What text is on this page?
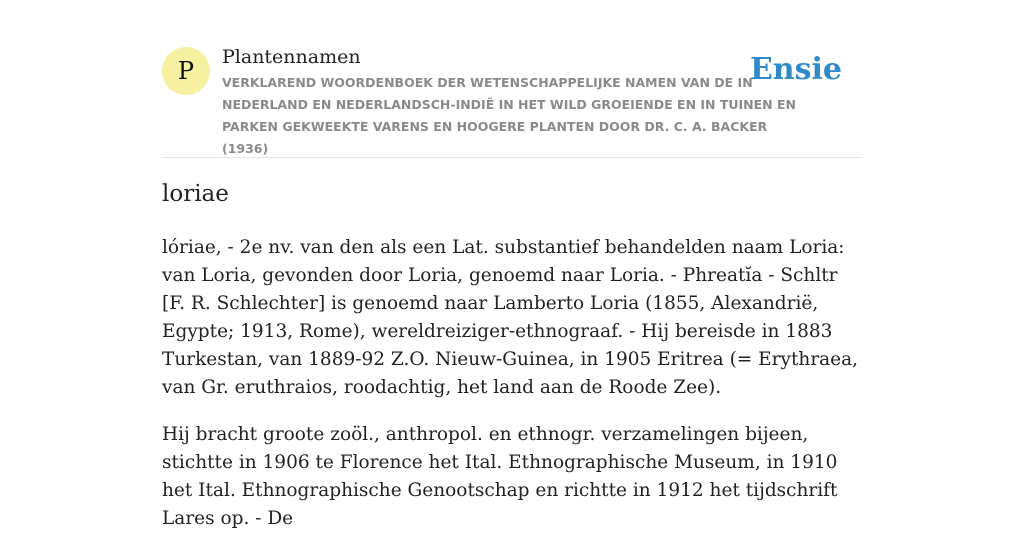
P	Plantennamen
VERKLAREND WOORDENBOEK DER WETENSCHAPPELIJKE NAMEN VAN DE IN NEDERLAND EN NEDERLANDSCH-INDIË IN HET WILD GROEIENDE EN IN TUINEN EN PARKEN GEKWEEKTE VARENS EN HOOGERE PLANTEN DOOR DR. C. A. BACKER (1936)
Ensie
loriae

lóriae, - 2e nv. van den als een Lat. substantief behandelden naam Loria: van Loria, gevonden door Loria, genoemd naar Loria. - Phreatĭa - Schltr [F. R. Schlechter] is genoemd naar Lamberto Loria (1855, Alexandrië, Egypte; 1913, Rome), wereldreiziger-ethnograaf. - Hij bereisde in 1883 Turkestan, van 1889-92 Z.O. Nieuw-Guinea, in 1905 Eritrea (= Erythraea, van Gr. eruthraios, roodachtig, het land aan de Roode Zee).

Hij bracht groote zoöl., anthropol. en ethnogr. verzamelingen bijeen, stichtte in 1906 te Florence het Ital. Ethnographische Museum, in 1910 het Ital. Ethnographische Genootschap en richtte in 1912 het tijdschrift Lares op. - De
